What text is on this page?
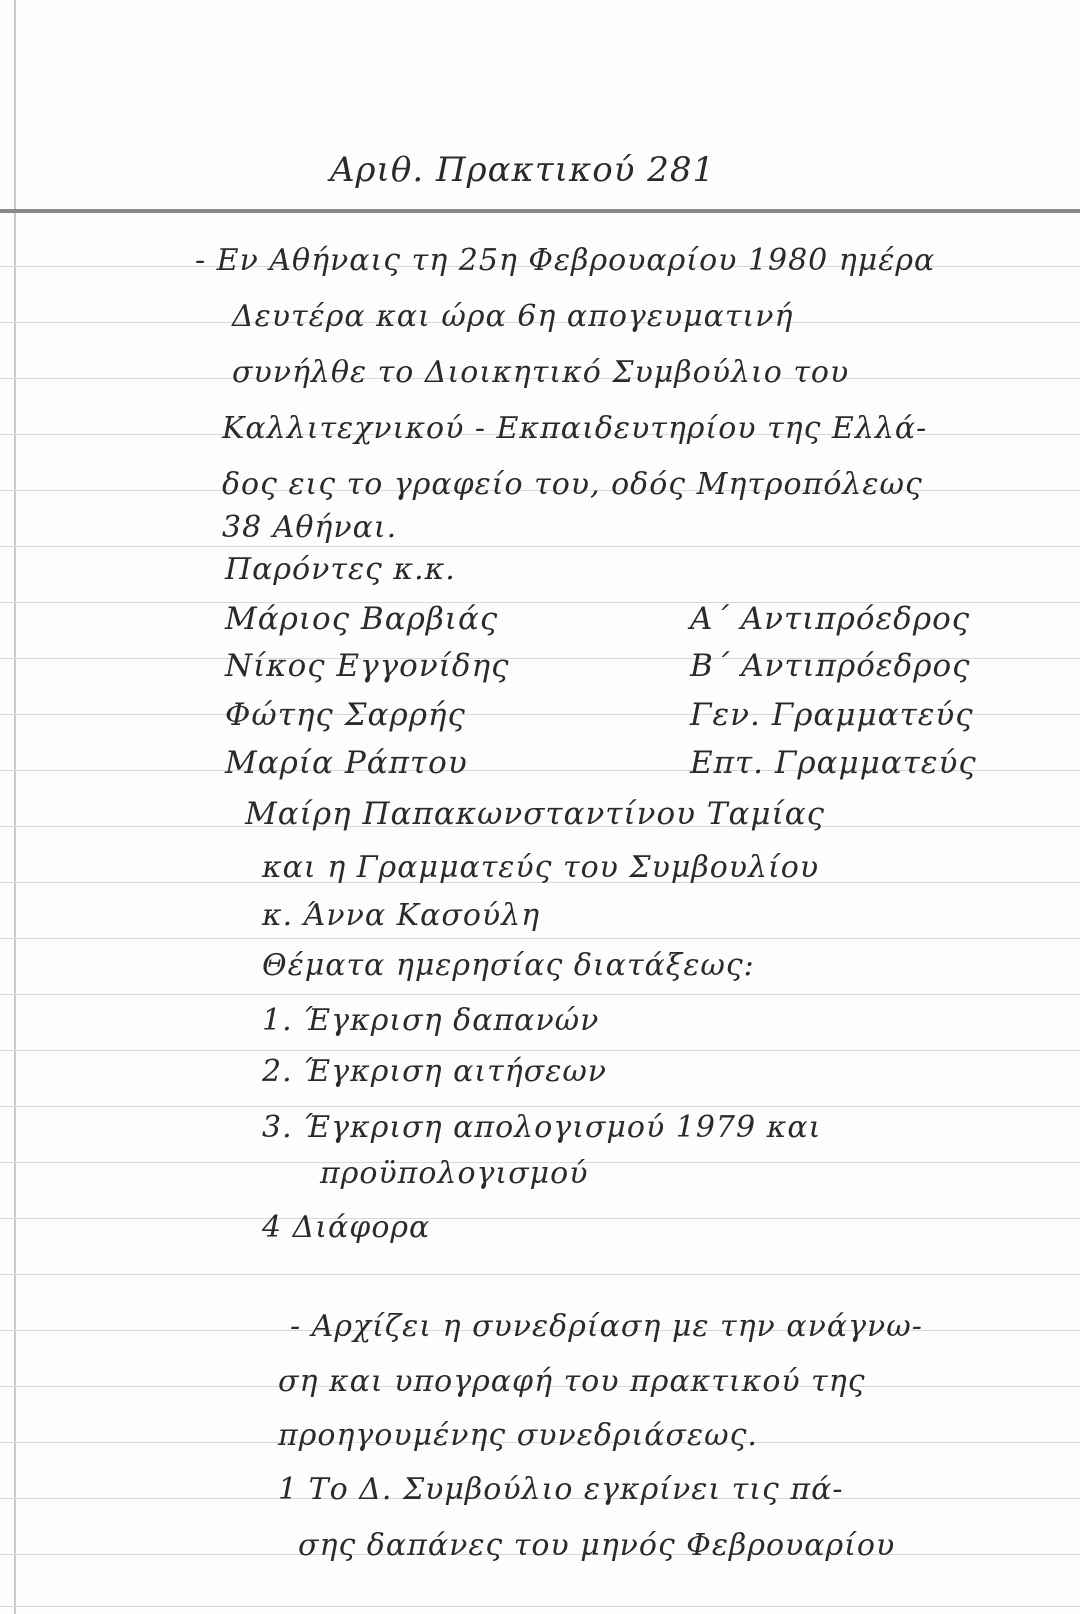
Αριθ. Πρακτικού 281
- Εν Αθήναις τη 25η Φεβρουαρίου 1980 ημέρα
Δευτέρα και ώρα 6η απογευματινή
συνήλθε το Διοικητικό Συμβούλιο του
Καλλιτεχνικού - Εκπαιδευτηρίου της Ελλά-
δος εις το γραφείο του, οδός Μητροπόλεως
38 Αθήναι.
Παρόντες κ.κ.
Μάριος Βαρβιάς	Α΄ Αντιπρόεδρος
Νίκος Εγγονίδης	Β΄ Αντιπρόεδρος
Φώτης Σαρρής	Γεν. Γραμματεύς
Μαρία Ράπτου	Επτ. Γραμματεύς
Μαίρη Παπακωνσταντίνου Ταμίας
και η Γραμματεύς του Συμβουλίου
κ. Άννα Κασούλη
Θέματα ημερησίας διατάξεως:
1. Έγκριση δαπανών
2. Έγκριση αιτήσεων
3. Έγκριση απολογισμού 1979 και
προϋπολογισμού
4 Διάφορα
- Αρχίζει η συνεδρίαση με την ανάγνω-
ση και υπογραφή του πρακτικού της
προηγουμένης συνεδριάσεως.
1 Το Δ. Συμβούλιο εγκρίνει τις πά-
σης δαπάνες του μηνός Φεβρουαρίου
